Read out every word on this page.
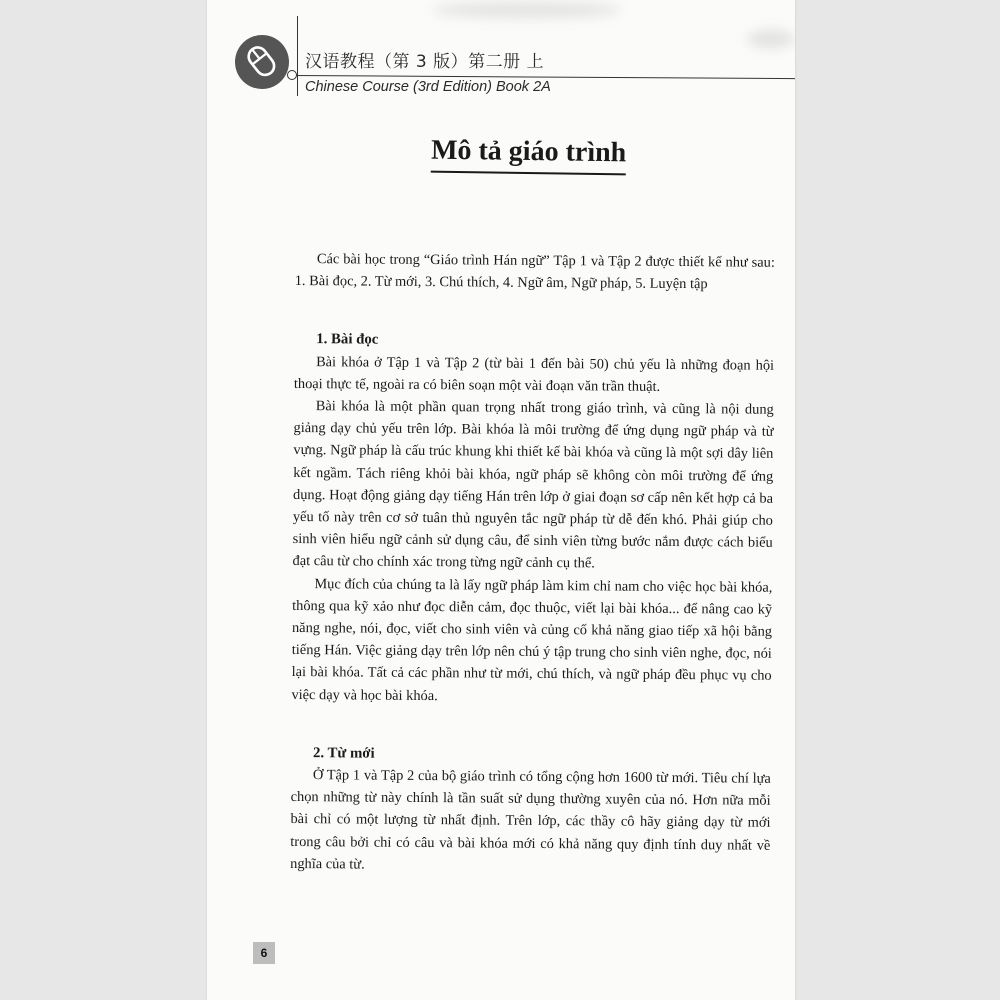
汉语教程（第 3 版）第二册 上
Chinese Course (3rd Edition) Book 2A
Mô tả giáo trình

Các bài học trong “Giáo trình Hán ngữ” Tập 1 và Tập 2 được thiết kế như sau: 1. Bài đọc, 2. Từ mới, 3. Chú thích, 4. Ngữ âm, Ngữ pháp, 5. Luyện tập

1. Bài đọc

Bài khóa ở Tập 1 và Tập 2 (từ bài 1 đến bài 50) chủ yếu là những đoạn hội thoại thực tế, ngoài ra có biên soạn một vài đoạn văn trần thuật.

Bài khóa là một phần quan trọng nhất trong giáo trình, và cũng là nội dung giảng dạy chủ yếu trên lớp. Bài khóa là môi trường để ứng dụng ngữ pháp và từ vựng. Ngữ pháp là cấu trúc khung khi thiết kế bài khóa và cũng là một sợi dây liên kết ngầm. Tách riêng khỏi bài khóa, ngữ pháp sẽ không còn môi trường để ứng dụng. Hoạt động giảng dạy tiếng Hán trên lớp ở giai đoạn sơ cấp nên kết hợp cả ba yếu tố này trên cơ sở tuân thủ nguyên tắc ngữ pháp từ dễ đến khó. Phải giúp cho sinh viên hiểu ngữ cảnh sử dụng câu, để sinh viên từng bước nắm được cách biểu đạt câu từ cho chính xác trong từng ngữ cảnh cụ thể.

Mục đích của chúng ta là lấy ngữ pháp làm kim chỉ nam cho việc học bài khóa, thông qua kỹ xảo như đọc diễn cảm, đọc thuộc, viết lại bài khóa... để nâng cao kỹ năng nghe, nói, đọc, viết cho sinh viên và củng cố khả năng giao tiếp xã hội bằng tiếng Hán. Việc giảng dạy trên lớp nên chú ý tập trung cho sinh viên nghe, đọc, nói lại bài khóa. Tất cả các phần như từ mới, chú thích, và ngữ pháp đều phục vụ cho việc dạy và học bài khóa.

2. Từ mới

Ở Tập 1 và Tập 2 của bộ giáo trình có tổng cộng hơn 1600 từ mới. Tiêu chí lựa chọn những từ này chính là tần suất sử dụng thường xuyên của nó. Hơn nữa mỗi bài chỉ có một lượng từ nhất định. Trên lớp, các thầy cô hãy giảng dạy từ mới trong câu bởi chỉ có câu và bài khóa mới có khả năng quy định tính duy nhất về nghĩa của từ.

6
